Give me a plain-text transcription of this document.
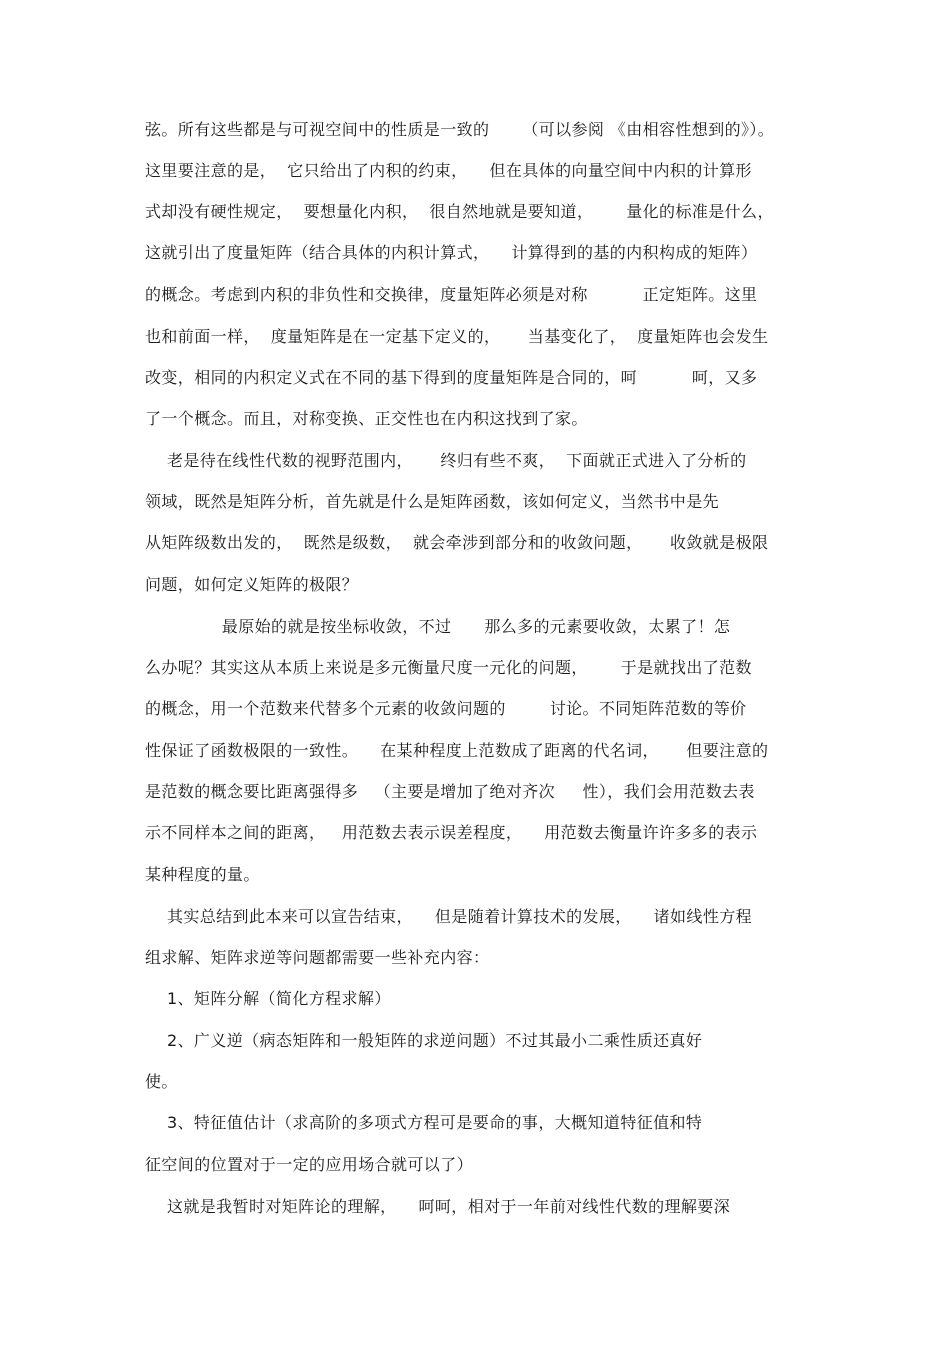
弦。所有这些都是与可视空间中的性质是一致的      （可以参阅 《由相容性想到的》）。
这里要注意的是，  它只给出了内积的约束，    但在具体的向量空间中内积的计算形
式却没有硬性规定，  要想量化内积，  很自然地就是要知道，      量化的标准是什么，
这就引出了度量矩阵（结合具体的内积计算式，    计算得到的基的内积构成的矩阵）
的概念。考虑到内积的非负性和交换律，度量矩阵必须是对称          正定矩阵。这里
也和前面一样，  度量矩阵是在一定基下定义的，     当基变化了，  度量矩阵也会发生
改变，相同的内积定义式在不同的基下得到的度量矩阵是合同的，呵          呵，又多
了一个概念。而且，对称变换、正交性也在内积这找到了家。
老是待在线性代数的视野范围内，     终归有些不爽，  下面就正式进入了分析的
领域，既然是矩阵分析，首先就是什么是矩阵函数，该如何定义，当然书中是先
从矩阵级数出发的，  既然是级数，  就会牵涉到部分和的收敛问题，     收敛就是极限
问题，如何定义矩阵的极限？
最原始的就是按坐标收敛，不过      那么多的元素要收敛，太累了！怎
么办呢？其实这从本质上来说是多元衡量尺度一元化的问题，      于是就找出了范数
的概念，用一个范数来代替多个元素的收敛问题的        讨论。不同矩阵范数的等价
性保证了函数极限的一致性。    在某种程度上范数成了距离的代名词，     但要注意的
是范数的概念要比距离强得多   （主要是增加了绝对齐次     性），我们会用范数去表
示不同样本之间的距离，   用范数去表示误差程度，    用范数去衡量许许多多的表示
某种程度的量。
其实总结到此本来可以宣告结束，    但是随着计算技术的发展，    诸如线性方程
组求解、矩阵求逆等问题都需要一些补充内容：
1、矩阵分解（简化方程求解）
2、广义逆（病态矩阵和一般矩阵的求逆问题）不过其最小二乘性质还真好
使。
3、特征值估计（求高阶的多项式方程可是要命的事，大概知道特征值和特
征空间的位置对于一定的应用场合就可以了）
这就是我暂时对矩阵论的理解，    呵呵，相对于一年前对线性代数的理解要深
